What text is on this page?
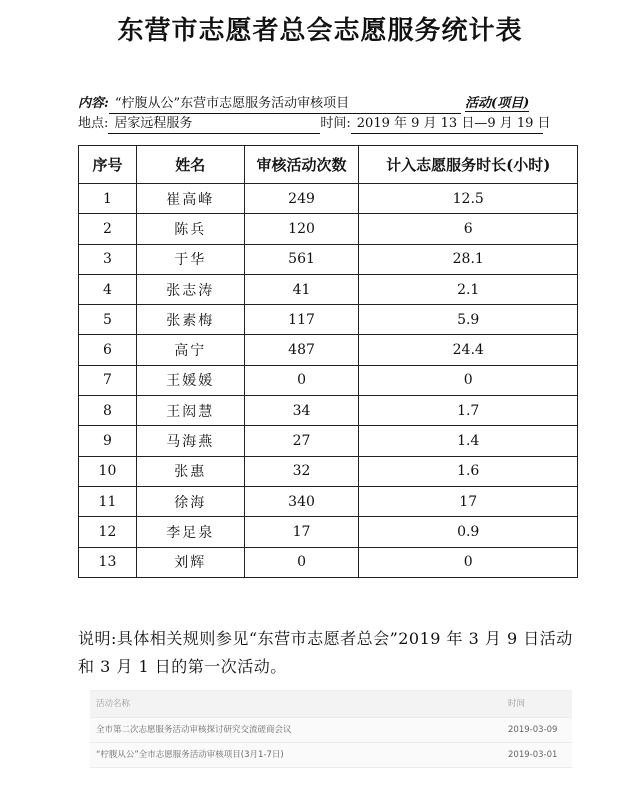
东营市志愿者总会志愿服务统计表
内容: “柠腹从公”东营市志愿服务活动审核项目	活动(项目)
地点: 居家远程服务	时间: 2019 年 9 月 13 日—9 月 19 日
序号	姓名	审核活动次数	计入志愿服务时长(小时)
1	崔高峰	249	12.5
2	陈兵	120	6
3	于华	561	28.1
4	张志涛	41	2.1
5	张素梅	117	5.9
6	高宁	487	24.4
7	王媛媛	0	0
8	王闳慧	34	1.7
9	马海燕	27	1.4
10	张惠	32	1.6
11	徐海	340	17
12	李足泉	17	0.9
13	刘辉	0	0
说明:具体相关规则参见“东营市志愿者总会”2019 年 3 月 9 日活动和 3 月 1 日的第一次活动。
活动名称	时间
全市第二次志愿服务活动审核探讨研究交流磋商会议	2019-03-09
“柠腹从公”全市志愿服务活动审核项目(3月1-7日)	2019-03-01
